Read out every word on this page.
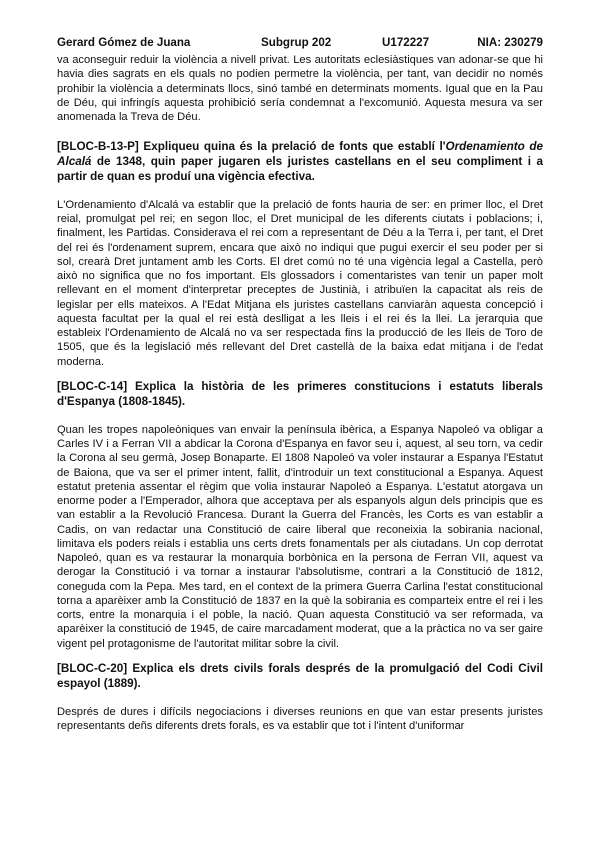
Gerard Gómez de Juana	Subgrup 202	U172227	NIA: 230279

va aconseguir reduir la violència a nivell privat. Les autoritats eclesiàstiques van adonar-se que hi havia dies sagrats en els quals no podien permetre la violència, per tant, van decidir no només prohibir la violència a determinats llocs, sinó també en determinats moments. Igual que en la Pau de Déu, qui infringís aquesta prohibició sería condemnat a l'excomunió. Aquesta mesura va ser anomenada la Treva de Déu.

[BLOC-B-13-P] Expliqueu quina és la prelació de fonts que establí l'Ordenamiento de Alcalá de 1348, quin paper jugaren els juristes castellans en el seu compliment i a partir de quan es produí una vigència efectiva.

L'Ordenamiento d'Alcalá va establir que la prelació de fonts hauria de ser: en primer lloc, el Dret reial, promulgat pel rei; en segon lloc, el Dret municipal de les diferents ciutats i poblacions; i, finalment, les Partidas. Considerava el rei com a representant de Déu a la Terra i, per tant, el Dret del rei és l'ordenament suprem, encara que això no indiqui que pugui exercir el seu poder per si sol, crearà Dret juntament amb les Corts. El dret comú no té una vigència legal a Castella, però això no significa que no fos important. Els glossadors i comentaristes van tenir un paper molt rellevant en el moment d'interpretar preceptes de Justinià, i atribuïen la capacitat als reis de legislar per ells mateixos. A l'Edat Mitjana els juristes castellans canviaràn aquesta concepció i aquesta facultat per la qual el rei està deslligat a les lleis i el rei és la llei. La jerarquia que estableix l'Ordenamiento de Alcalá no va ser respectada fins la producció de les lleis de Toro de 1505, que és la legislació més rellevant del Dret castellà de la baixa edat mitjana i de l'edat moderna.

[BLOC-C-14] Explica la història de les primeres constitucions i estatuts liberals d'Espanya (1808-1845).

Quan les tropes napoleòniques van envair la península ibèrica, a Espanya Napoleó va obligar a Carles IV i a Ferran VII a abdicar la Corona d'Espanya en favor seu i, aquest, al seu torn, va cedir la Corona al seu germà, Josep Bonaparte. El 1808 Napoleó va voler instaurar a Espanya l'Estatut de Baiona, que va ser el primer intent, fallit, d'introduir un text constitucional a Espanya. Aquest estatut pretenia assentar el règim que volia instaurar Napoleó a Espanya. L'estatut atorgava un enorme poder a l'Emperador, alhora que acceptava per als espanyols algun dels principis que es van establir a la Revolució Francesa. Durant la Guerra del Francès, les Corts es van establir a Cadis, on van redactar una Constitució de caire liberal que reconeixia la sobirania nacional, limitava els poders reials i establia uns certs drets fonamentals per als ciutadans. Un cop derrotat Napoleó, quan es va restaurar la monarquia borbònica en la persona de Ferran VII, aquest va derogar la Constitució i va tornar a instaurar l'absolutisme, contrari a la Constitució de 1812, coneguda com la Pepa. Mes tard, en el context de la primera Guerra Carlina l'estat constitucional torna a aparèixer amb la Constitució de 1837 en la què la sobirania es comparteix entre el rei i les corts, entre la monarquia i el poble, la nació. Quan aquesta Constitució va ser reformada, va aparèixer la constitució de 1945, de caire marcadament moderat, que a la pràctica no va ser gaire vigent pel protagonisme de l'autoritat militar sobre la civil.

[BLOC-C-20] Explica els drets civils forals després de la promulgació del Codi Civil espayol (1889).

Després de dures i difícils negociacions i diverses reunions en que van estar presents juristes representants deñs diferents drets forals, es va establir que tot i l'intent d'uniformar
